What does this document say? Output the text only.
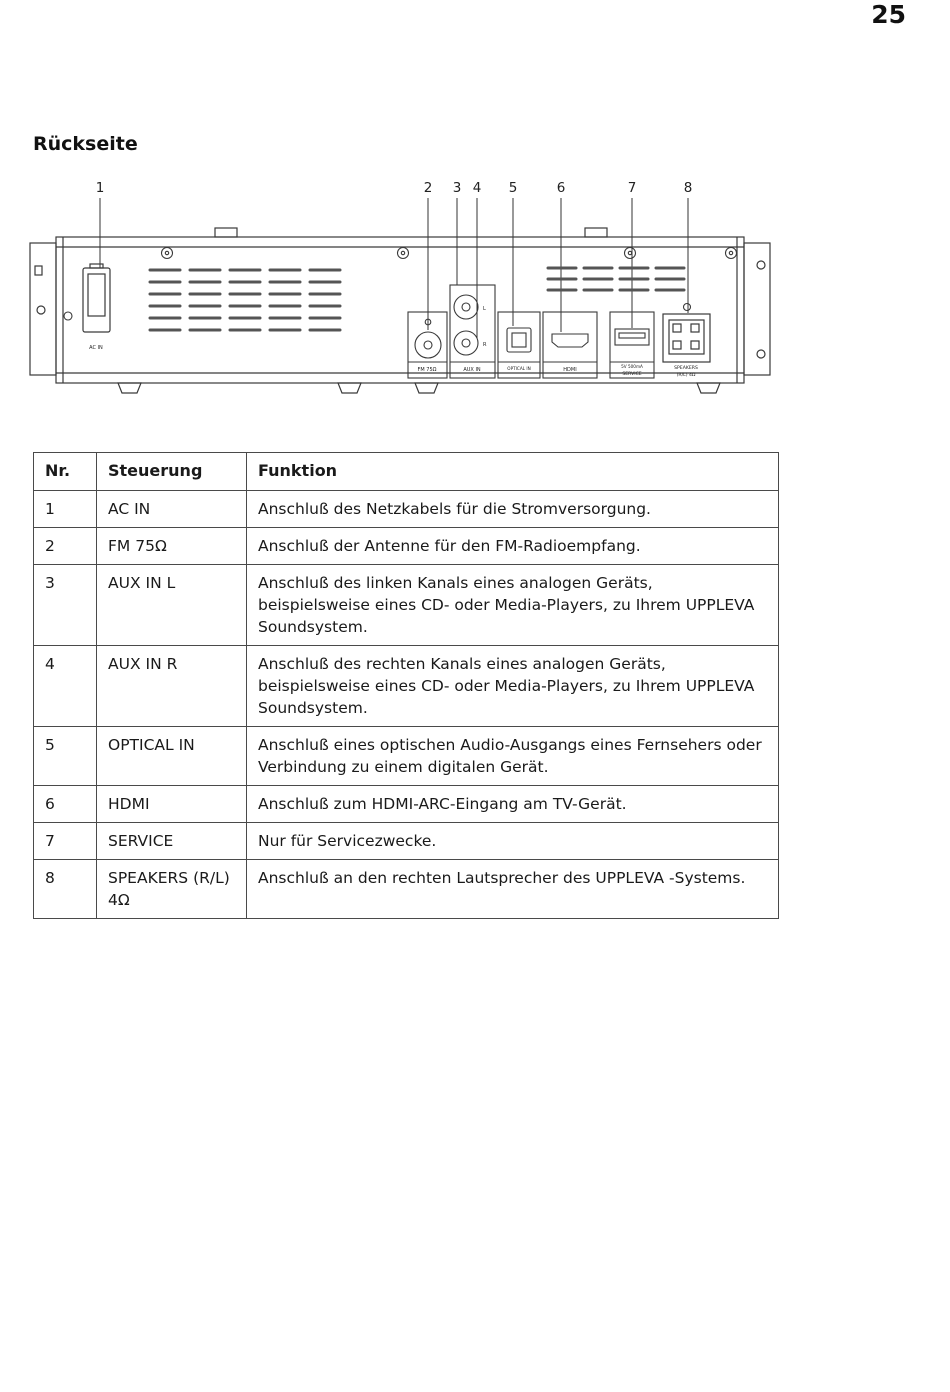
25
Rückseite
1	2 3 4 5	6	7	8
AC IN
FM 75Ω
L
R
AUX IN	OPTICAL IN	HDMI
5V 500mA
SERVICE
SPEAKERS
(R/L) 4Ω
Nr.	Steuerung	Funktion
1	AC IN	Anschluß des Netzkabels für die Stromversorgung.
2	FM 75Ω	Anschluß der Antenne für den FM-Radioempfang.
3	AUX IN L	Anschluß des linken Kanals eines analogen Geräts, beispielsweise eines CD- oder Media-Players, zu Ihrem UPPLEVA Soundsystem.
4	AUX IN R	Anschluß des rechten Kanals eines analogen Geräts, beispielsweise eines CD- oder Media-Players, zu Ihrem UPPLEVA Soundsystem.
5	OPTICAL IN	Anschluß eines optischen Audio-Ausgangs eines Fernsehers oder Verbindung zu einem digitalen Gerät.
6	HDMI	Anschluß zum HDMI-ARC-Eingang am TV-Gerät.
7	SERVICE	Nur für Servicezwecke.
8	SPEAKERS (R/L) 4Ω	Anschluß an den rechten Lautsprecher des UPPLEVA -Systems.
